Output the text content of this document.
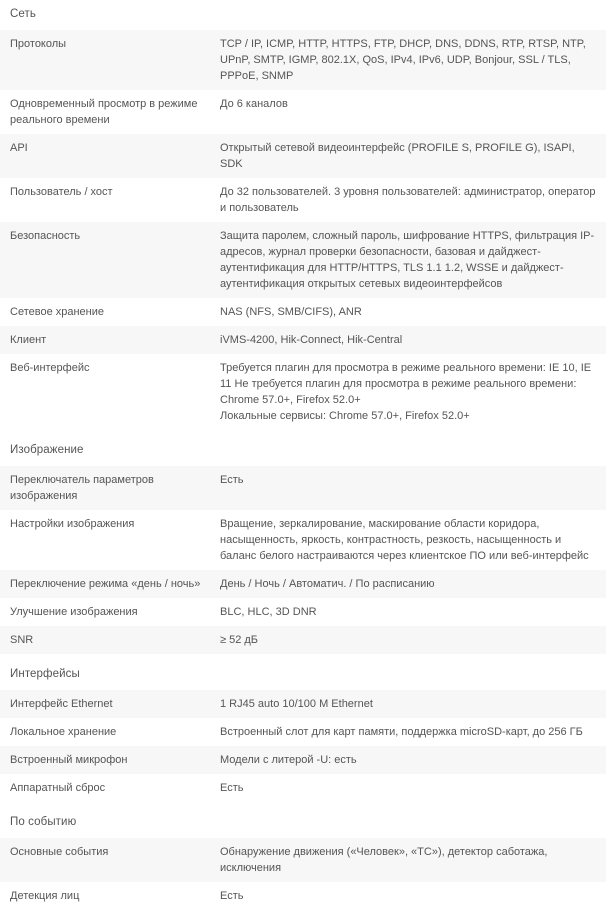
Сеть
Протоколы	TCP / IP, ICMP, HTTP, HTTPS, FTP, DHCP, DNS, DDNS, RTP, RTSP, NTP, UPnP, SMTP, IGMP, 802.1X, QoS, IPv4, IPv6, UDP, Bonjour, SSL / TLS, PPPoE, SNMP

Одновременный просмотр в режиме реального времени	До 6 каналов

API	Открытый сетевой видеоинтерфейс (PROFILE S, PROFILE G), ISAPI, SDK

Пользователь / хост	До 32 пользователей. 3 уровня пользователей: администратор, оператор и пользователь

Безопасность	Защита паролем, сложный пароль, шифрование HTTPS, фильтрация IP-адресов, журнал проверки безопасности, базовая и дайджест-аутентификация для HTTP/HTTPS, TLS 1.1 1.2, WSSE и дайджест-аутентификация открытых сетевых видеоинтерфейсов

Сетевое хранение	NAS (NFS, SMB/CIFS), ANR

Клиент	iVMS-4200, Hik-Connect, Hik-Central

Веб-интерфейс	Требуется плагин для просмотра в режиме реального времени: IE 10, IE 11 Не требуется плагин для просмотра в режиме реального времени: Chrome 57.0+, Firefox 52.0+
Локальные сервисы: Chrome 57.0+, Firefox 52.0+
Изображение
Переключатель параметров изображения	Есть

Настройки изображения	Вращение, зеркалирование, маскирование области коридора, насыщенность, яркость, контрастность, резкость, насыщенность и баланс белого настраиваются через клиентское ПО или веб-интерфейс

Переключение режима «день / ночь»	День / Ночь / Автоматич. / По расписанию

Улучшение изображения	BLC, HLC, 3D DNR

SNR	≥ 52 дБ
Интерфейсы
Интерфейс Ethernet	1 RJ45 auto 10/100 M Ethernet

Локальное хранение	Встроенный слот для карт памяти, поддержка microSD-карт, до 256 ГБ

Встроенный микрофон	Модели с литерой -U: есть

Аппаратный сброс	Есть
По событию
Основные события	Обнаружение движения («Человек», «ТС»), детектор саботажа, исключения

Детекция лиц	Есть
